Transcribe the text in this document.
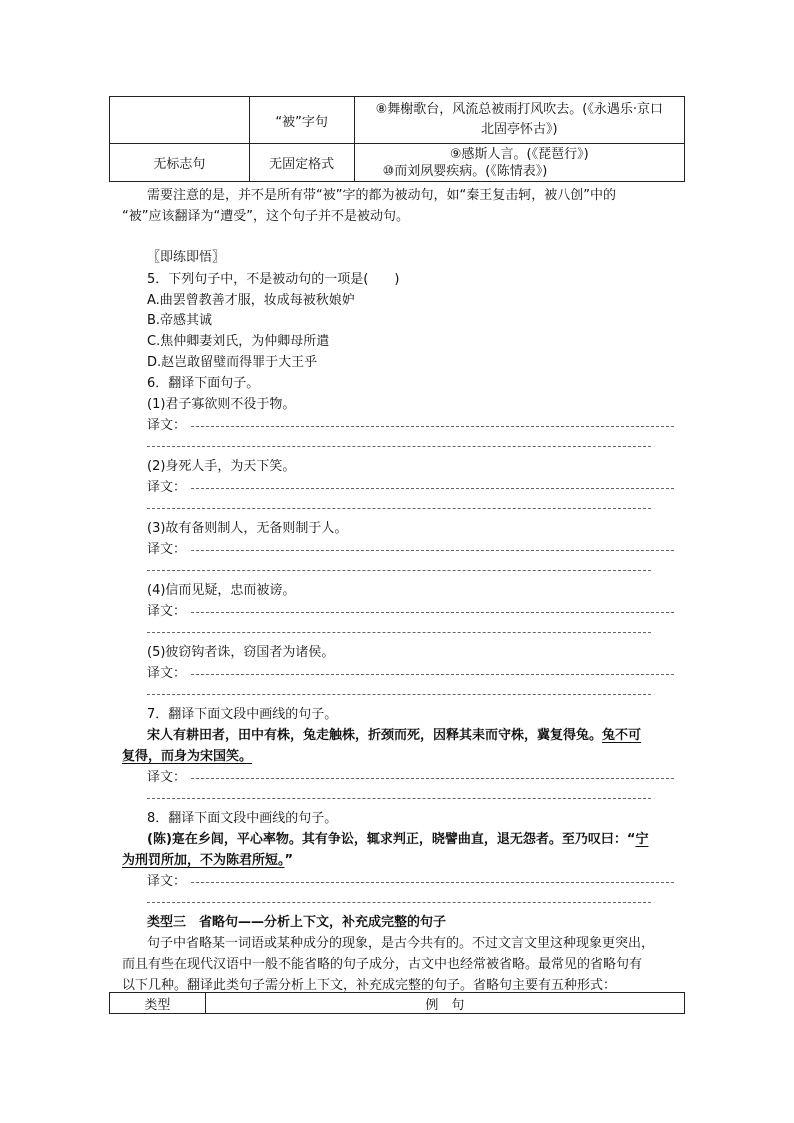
	“被”字句	⑧舞榭歌台，风流总被雨打风吹去。(《永遇乐·京口
北固亭怀古》)

无标志句	无固定格式	⑨感斯人言。(《琵琶行》)
⑩而刘夙婴疾病。(《陈情表》)
需要注意的是，并不是所有带“被”字的都为被动句，如“秦王复击轲，被八创”中的
“被”应该翻译为“遭受”，这个句子并不是被动句。
〖即练即悟〗
5．下列句子中，不是被动句的一项是(　　)
A.曲罢曾教善才服，妆成每被秋娘妒
B.帝感其诚
C.焦仲卿妻刘氏，为仲卿母所遣
D.赵岂敢留璧而得罪于大王乎
6．翻译下面句子。
(1)君子寡欲则不役于物。
译文：
(2)身死人手，为天下笑。
译文：
(3)故有备则制人，无备则制于人。
译文：
(4)信而见疑，忠而被谤。
译文：
(5)彼窃钩者诛，窃国者为诸侯。
译文：
7．翻译下面文段中画线的句子。
宋人有耕田者，田中有株，兔走触株，折颈而死，因释其耒而守株，冀复得兔。兔不可
复得，而身为宋国笑。
译文：
8．翻译下面文段中画线的句子。
(陈)寔在乡闾，平心率物。其有争讼，辄求判正，晓譬曲直，退无怨者。至乃叹曰：“宁
为刑罚所加，不为陈君所短。”
译文：
类型三　省略句——分析上下文，补充成完整的句子
句子中省略某一词语或某种成分的现象，是古今共有的。不过文言文里这种现象更突出，
而且有些在现代汉语中一般不能省略的句子成分，古文中也经常被省略。最常见的省略句有
以下几种。翻译此类句子需分析上下文，补充成完整的句子。省略句主要有五种形式：
类型	例　句
